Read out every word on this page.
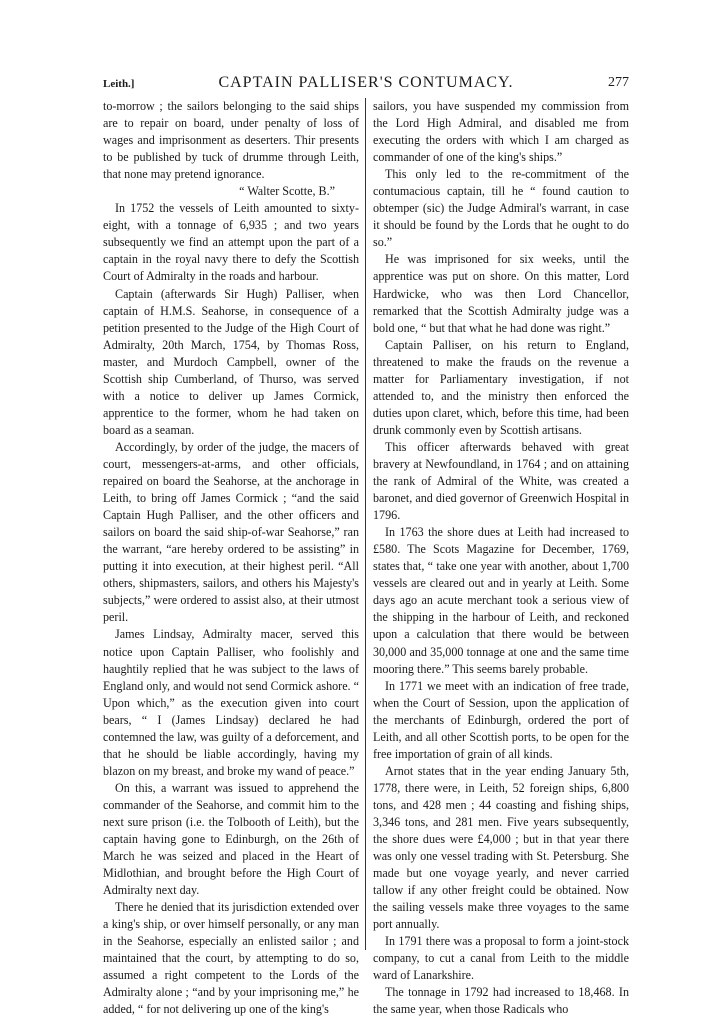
Leith.]	CAPTAIN PALLISER'S CONTUMACY.	277

to-morrow ; the sailors belonging to the said ships are to repair on board, under penalty of loss of wages and imprisonment as deserters. Thir presents to be published by tuck of drumme through Leith, that none may pretend ignorance.

“ Walter Scotte, B.”

In 1752 the vessels of Leith amounted to sixty-eight, with a tonnage of 6,935 ; and two years subsequently we find an attempt upon the part of a captain in the royal navy there to defy the Scottish Court of Admiralty in the roads and harbour.

Captain (afterwards Sir Hugh) Palliser, when captain of H.M.S. Seahorse, in consequence of a petition presented to the Judge of the High Court of Admiralty, 20th March, 1754, by Thomas Ross, master, and Murdoch Campbell, owner of the Scottish ship Cumberland, of Thurso, was served with a notice to deliver up James Cormick, apprentice to the former, whom he had taken on board as a seaman.

Accordingly, by order of the judge, the macers of court, messengers-at-arms, and other officials, repaired on board the Seahorse, at the anchorage in Leith, to bring off James Cormick ; “and the said Captain Hugh Palliser, and the other officers and sailors on board the said ship-of-war Seahorse,” ran the warrant, “are hereby ordered to be assisting” in putting it into execution, at their highest peril. “All others, shipmasters, sailors, and others his Majesty's subjects,” were ordered to assist also, at their utmost peril.

James Lindsay, Admiralty macer, served this notice upon Captain Palliser, who foolishly and haughtily replied that he was subject to the laws of England only, and would not send Cormick ashore. “ Upon which,” as the execution given into court bears, “ I (James Lindsay) declared he had contemned the law, was guilty of a deforcement, and that he should be liable accordingly, having my blazon on my breast, and broke my wand of peace.”

On this, a warrant was issued to apprehend the commander of the Seahorse, and commit him to the next sure prison (i.e. the Tolbooth of Leith), but the captain having gone to Edinburgh, on the 26th of March he was seized and placed in the Heart of Midlothian, and brought before the High Court of Admiralty next day.

There he denied that its jurisdiction extended over a king's ship, or over himself personally, or any man in the Seahorse, especially an enlisted sailor ; and maintained that the court, by attempting to do so, assumed a right competent to the Lords of the Admiralty alone ; “and by your imprisoning me,” he added, “ for not delivering up one of the king's

sailors, you have suspended my commission from the Lord High Admiral, and disabled me from executing the orders with which I am charged as commander of one of the king's ships.”

This only led to the re-commitment of the contumacious captain, till he “ found caution to obtemper (sic) the Judge Admiral's warrant, in case it should be found by the Lords that he ought to do so.”

He was imprisoned for six weeks, until the apprentice was put on shore. On this matter, Lord Hardwicke, who was then Lord Chancellor, remarked that the Scottish Admiralty judge was a bold one, “ but that what he had done was right.”

Captain Palliser, on his return to England, threatened to make the frauds on the revenue a matter for Parliamentary investigation, if not attended to, and the ministry then enforced the duties upon claret, which, before this time, had been drunk commonly even by Scottish artisans.

This officer afterwards behaved with great bravery at Newfoundland, in 1764 ; and on attaining the rank of Admiral of the White, was created a baronet, and died governor of Greenwich Hospital in 1796.

In 1763 the shore dues at Leith had increased to £580. The Scots Magazine for December, 1769, states that, “ take one year with another, about 1,700 vessels are cleared out and in yearly at Leith. Some days ago an acute merchant took a serious view of the shipping in the harbour of Leith, and reckoned upon a calculation that there would be between 30,000 and 35,000 tonnage at one and the same time mooring there.” This seems barely probable.

In 1771 we meet with an indication of free trade, when the Court of Session, upon the application of the merchants of Edinburgh, ordered the port of Leith, and all other Scottish ports, to be open for the free importation of grain of all kinds.

Arnot states that in the year ending January 5th, 1778, there were, in Leith, 52 foreign ships, 6,800 tons, and 428 men ; 44 coasting and fishing ships, 3,346 tons, and 281 men. Five years subsequently, the shore dues were £4,000 ; but in that year there was only one vessel trading with St. Petersburg. She made but one voyage yearly, and never carried tallow if any other freight could be obtained. Now the sailing vessels make three voyages to the same port annually.

In 1791 there was a proposal to form a joint-stock company, to cut a canal from Leith to the middle ward of Lanarkshire.

The tonnage in 1792 had increased to 18,468. In the same year, when those Radicals who
